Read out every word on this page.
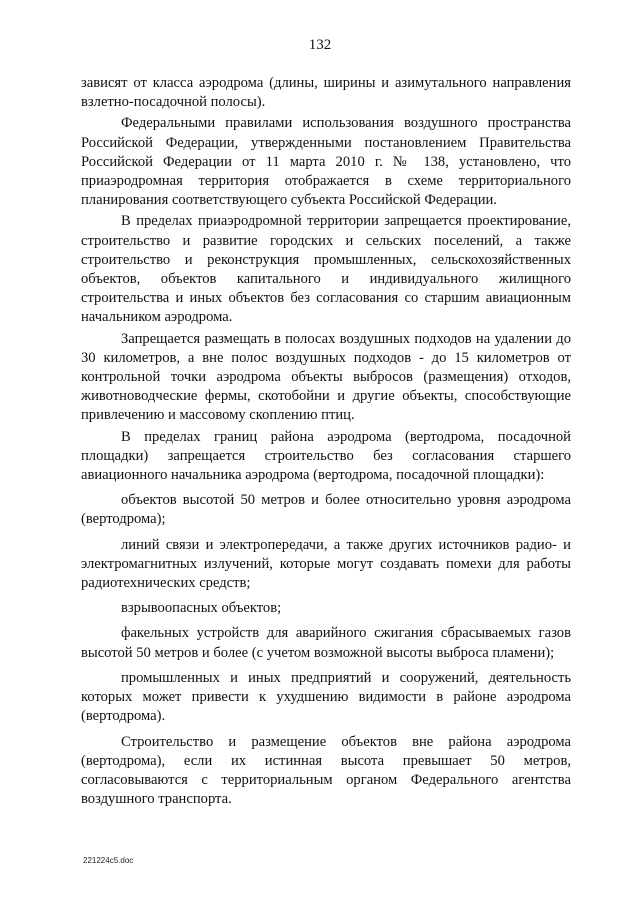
132

зависят от класса аэродрома (длины, ширины и азимутального направления взлетно-посадочной полосы).

Федеральными правилами использования воздушного пространства Российской Федерации, утвержденными постановлением Правительства Российской Федерации от 11 марта 2010 г. № 138, установлено, что приаэродромная территория отображается в схеме территориального планирования соответствующего субъекта Российской Федерации.

В пределах приаэродромной территории запрещается проектирование, строительство и развитие городских и сельских поселений, а также строительство и реконструкция промышленных, сельскохозяйственных объектов, объектов капитального и индивидуального жилищного строительства и иных объектов без согласования со старшим авиационным начальником аэродрома.

Запрещается размещать в полосах воздушных подходов на удалении до 30 километров, а вне полос воздушных подходов - до 15 километров от контрольной точки аэродрома объекты выбросов (размещения) отходов, животноводческие фермы, скотобойни и другие объекты, способствующие привлечению и массовому скоплению птиц.

В пределах границ района аэродрома (вертодрома, посадочной площадки) запрещается строительство без согласования старшего авиационного начальника аэродрома (вертодрома, посадочной площадки):

объектов высотой 50 метров и более относительно уровня аэродрома (вертодрома);

линий связи и электропередачи, а также других источников радио- и электромагнитных излучений, которые могут создавать помехи для работы радиотехнических средств;

взрывоопасных объектов;

факельных устройств для аварийного сжигания сбрасываемых газов высотой 50 метров и более (с учетом возможной высоты выброса пламени);

промышленных и иных предприятий и сооружений, деятельность которых может привести к ухудшению видимости в районе аэродрома (вертодрома).

Строительство и размещение объектов вне района аэродрома (вертодрома), если их истинная высота превышает 50 метров, согласовываются с территориальным органом Федерального агентства воздушного транспорта.

221224c5.doc
